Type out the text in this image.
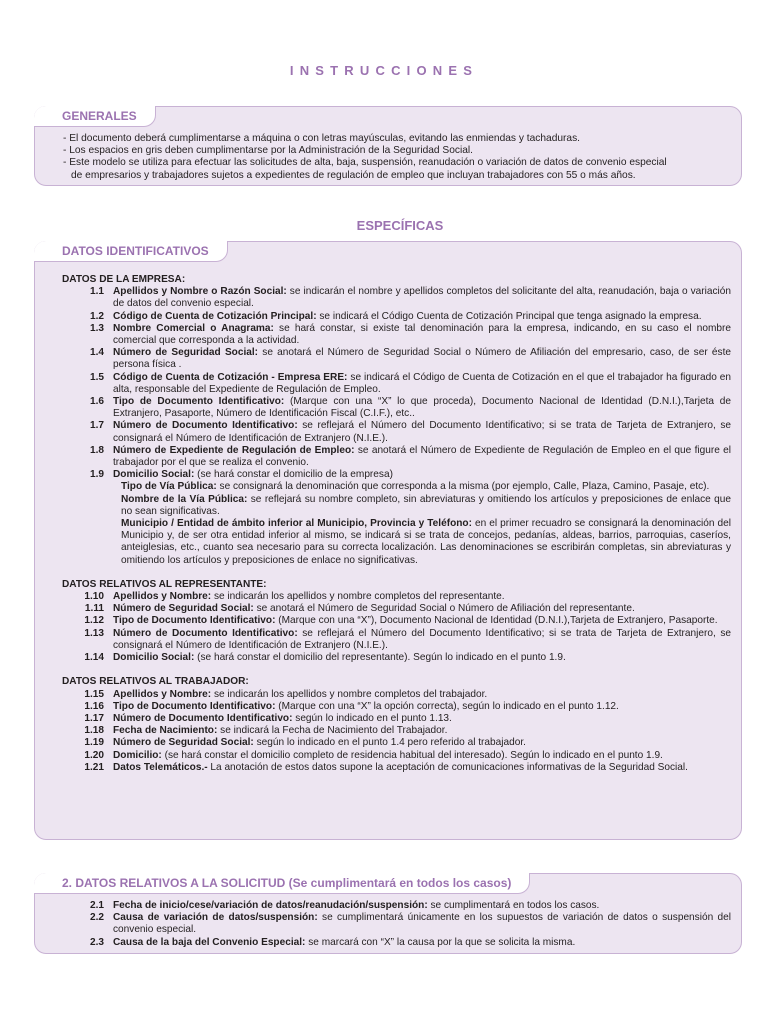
INSTRUCCIONES
GENERALES
- El documento deberá cumplimentarse a máquina o con letras mayúsculas, evitando las enmiendas y tachaduras.
- Los espacios en gris deben cumplimentarse por la Administración de la Seguridad Social.
- Este modelo se utiliza para efectuar las solicitudes de alta, baja, suspensión, reanudación o variación de datos de convenio especial
de empresarios y trabajadores sujetos a expedientes de regulación de empleo que incluyan trabajadores con 55 o más años.
ESPECÍFICAS
DATOS IDENTIFICATIVOS
DATOS DE LA EMPRESA:
1.1 Apellidos y Nombre o Razón Social: se indicarán el nombre y apellidos completos del solicitante del alta, reanudación, baja o variación de datos del convenio especial.
1.2 Código de Cuenta de Cotización Principal: se indicará el Código Cuenta de Cotización Principal que tenga asignado la empresa.
1.3 Nombre Comercial o Anagrama: se hará constar, si existe tal denominación para la empresa, indicando, en su caso el nombre comercial que corresponda a la actividad.
1.4 Número de Seguridad Social: se anotará el Número de Seguridad Social o Número de Afiliación del empresario, caso, de ser éste persona física .
1.5 Código de Cuenta de Cotización - Empresa ERE: se indicará el Código de Cuenta de Cotización en el que el trabajador ha figurado en alta, responsable del Expediente de Regulación de Empleo.
1.6 Tipo de Documento Identificativo: (Marque con una “X” lo que proceda), Documento Nacional de Identidad (D.N.I.),Tarjeta de Extranjero, Pasaporte, Número de Identificación Fiscal (C.I.F.), etc..
1.7 Número de Documento Identificativo: se reflejará el Número del Documento Identificativo; si se trata de Tarjeta de Extranjero, se consignará el Número de Identificación de Extranjero (N.I.E.).
1.8 Número de Expediente de Regulación de Empleo: se anotará el Número de Expediente de Regulación de Empleo en el que figure el trabajador por el que se realiza el convenio.
1.9 Domicilio Social: (se hará constar el domicilio de la empresa)
Tipo de Vía Pública: se consignará la denominación que corresponda a la misma (por ejemplo, Calle, Plaza, Camino, Pasaje, etc).
Nombre de la Vía Pública: se reflejará su nombre completo, sin abreviaturas y omitiendo los artículos y preposiciones de enlace que no sean significativas.
Municipio / Entidad de ámbito inferior al Municipio, Provincia y Teléfono: en el primer recuadro se consignará la denominación del Municipio y, de ser otra entidad inferior al mismo, se indicará si se trata de concejos, pedanías, aldeas, barrios, parroquias, caseríos, anteiglesias, etc., cuanto sea necesario para su correcta localización. Las denominaciones se escribirán completas, sin abreviaturas y omitiendo los artículos y preposiciones de enlace no significativas.
DATOS RELATIVOS AL REPRESENTANTE:
1.10 Apellidos y Nombre: se indicarán los apellidos y nombre completos del representante.
1.11 Número de Seguridad Social: se anotará el Número de Seguridad Social o Número de Afiliación del representante.
1.12 Tipo de Documento Identificativo: (Marque con una “X”), Documento Nacional de Identidad (D.N.I.),Tarjeta de Extranjero, Pasaporte.
1.13 Número de Documento Identificativo: se reflejará el Número del Documento Identificativo; si se trata de Tarjeta de Extranjero, se consignará el Número de Identificación de Extranjero (N.I.E.).
1.14 Domicilio Social: (se hará constar el domicilio del representante). Según lo indicado en el punto 1.9.
DATOS RELATIVOS AL TRABAJADOR:
1.15 Apellidos y Nombre: se indicarán los apellidos y nombre completos del trabajador.
1.16 Tipo de Documento Identificativo: (Marque con una “X” la opción correcta), según lo indicado en el punto 1.12.
1.17 Número de Documento Identificativo: según lo indicado en el punto 1.13.
1.18 Fecha de Nacimiento: se indicará la Fecha de Nacimiento del Trabajador.
1.19 Número de Seguridad Social: según lo indicado en el punto 1.4 pero referido al trabajador.
1.20 Domicilio: (se hará constar el domicilio completo de residencia habitual del interesado). Según lo indicado en el punto 1.9.
1.21 Datos Telemáticos.- La anotación de estos datos supone la aceptación de comunicaciones informativas de la Seguridad Social.
2. DATOS RELATIVOS A LA SOLICITUD (Se cumplimentará en todos los casos)
2.1 Fecha de inicio/cese/variación de datos/reanudación/suspensión: se cumplimentará en todos los casos.
2.2 Causa de variación de datos/suspensión: se cumplimentará únicamente en los supuestos de variación de datos o suspensión del convenio especial.
2.3 Causa de la baja del Convenio Especial: se marcará con “X” la causa por la que se solicita la misma.
